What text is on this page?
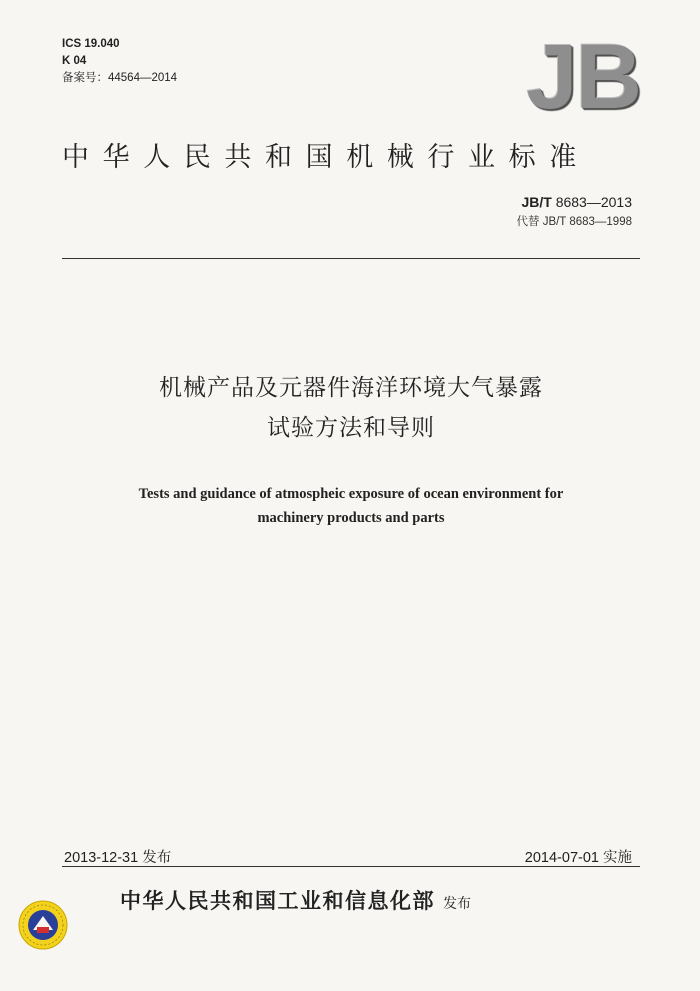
ICS 19.040
K 04
备案号：44564—2014	JB
中华人民共和国机械行业标准
JB/T 8683—2013
代替 JB/T 8683—1998
机械产品及元器件海洋环境大气暴露
试验方法和导则
Tests and guidance of atmospheic exposure of ocean environment for
machinery products and parts
2013-12-31 发布	2014-07-01 实施
中华人民共和国工业和信息化部 发布
